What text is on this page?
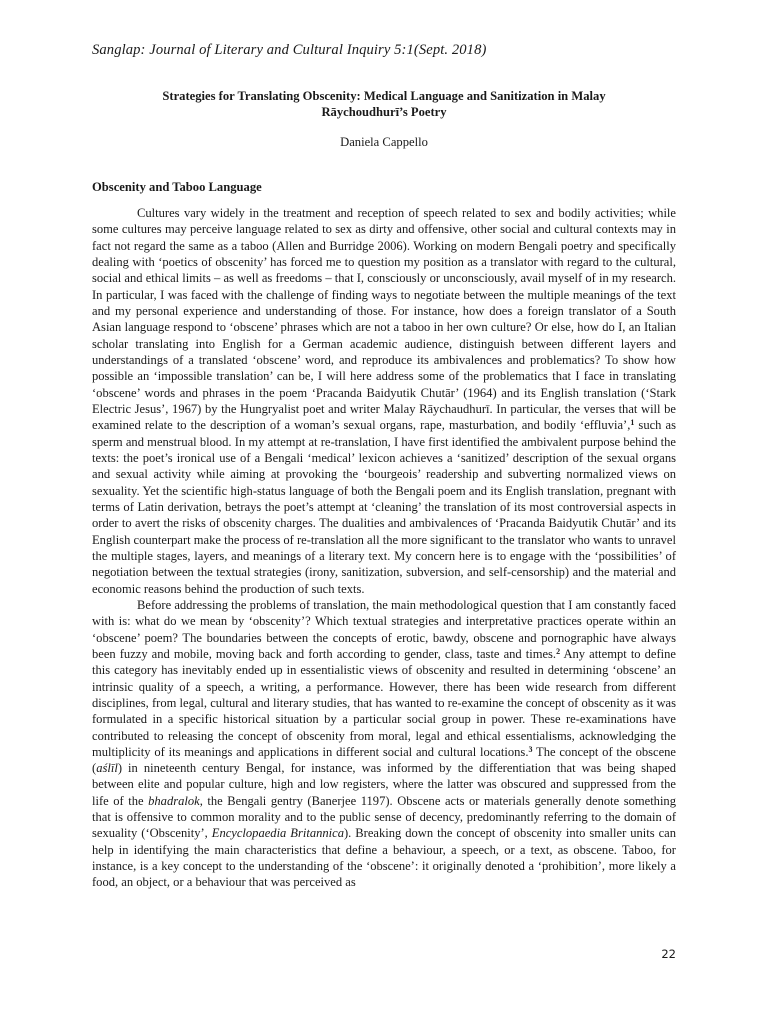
Sanglap: Journal of Literary and Cultural Inquiry 5:1(Sept. 2018)
Strategies for Translating Obscenity: Medical Language and Sanitization in Malay
Rāychoudhurī’s Poetry
Daniela Cappello
Obscenity and Taboo Language

Cultures vary widely in the treatment and reception of speech related to sex and bodily activities; while some cultures may perceive language related to sex as dirty and offensive, other social and cultural contexts may in fact not regard the same as a taboo (Allen and Burridge 2006). Working on modern Bengali poetry and specifically dealing with ‘poetics of obscenity’ has forced me to question my position as a translator with regard to the cultural, social and ethical limits – as well as freedoms – that I, consciously or unconsciously, avail myself of in my research. In particular, I was faced with the challenge of finding ways to negotiate between the multiple meanings of the text and my personal experience and understanding of those. For instance, how does a foreign translator of a South Asian language respond to ‘obscene’ phrases which are not a taboo in her own culture? Or else, how do I, an Italian scholar translating into English for a German academic audience, distinguish between different layers and understandings of a translated ‘obscene’ word, and reproduce its ambivalences and problematics? To show how possible an ‘impossible translation’ can be, I will here address some of the problematics that I face in translating ‘obscene’ words and phrases in the poem ‘Pracanda Baidyutik Chutār’ (1964) and its English translation (‘Stark Electric Jesus’, 1967) by the Hungryalist poet and writer Malay Rāychaudhurī. In particular, the verses that will be examined relate to the description of a woman’s sexual organs, rape, masturbation, and bodily ‘effluvia’,$^1$ such as sperm and menstrual blood. In my attempt at re-translation, I have first identified the ambivalent purpose behind the texts: the poet’s ironical use of a Bengali ‘medical’ lexicon achieves a ‘sanitized’ description of the sexual organs and sexual activity while aiming at provoking the ‘bourgeois’ readership and subverting normalized views on sexuality. Yet the scientific high-status language of both the Bengali poem and its English translation, pregnant with terms of Latin derivation, betrays the poet’s attempt at ‘cleaning’ the translation of its most controversial aspects in order to avert the risks of obscenity charges. The dualities and ambivalences of ‘Pracanda Baidyutik Chutār’ and its English counterpart make the process of re-translation all the more significant to the translator who wants to unravel the multiple stages, layers, and meanings of a literary text. My concern here is to engage with the ‘possibilities’ of negotiation between the textual strategies (irony, sanitization, subversion, and self-censorship) and the material and economic reasons behind the production of such texts.

Before addressing the problems of translation, the main methodological question that I am constantly faced with is: what do we mean by ‘obscenity’? Which textual strategies and interpretative practices operate within an ‘obscene’ poem? The boundaries between the concepts of erotic, bawdy, obscene and pornographic have always been fuzzy and mobile, moving back and forth according to gender, class, taste and times.$^2$ Any attempt to define this category has inevitably ended up in essentialistic views of obscenity and resulted in determining ‘obscene’ an intrinsic quality of a speech, a writing, a performance. However, there has been wide research from different disciplines, from legal, cultural and literary studies, that has wanted to re-examine the concept of obscenity as it was formulated in a specific historical situation by a particular social group in power. These re-examinations have contributed to releasing the concept of obscenity from moral, legal and ethical essentialisms, acknowledging the multiplicity of its meanings and applications in different social and cultural locations.$^3$ The concept of the obscene (aślīl) in nineteenth century Bengal, for instance, was informed by the differentiation that was being shaped between elite and popular culture, high and low registers, where the latter was obscured and suppressed from the life of the bhadralok, the Bengali gentry (Banerjee 1197). Obscene acts or materials generally denote something that is offensive to common morality and to the public sense of decency, predominantly referring to the domain of sexuality (‘Obscenity’, Encyclopaedia Britannica). Breaking down the concept of obscenity into smaller units can help in identifying the main characteristics that define a behaviour, a speech, or a text, as obscene. Taboo, for instance, is a key concept to the understanding of the ‘obscene’: it originally denoted a ‘prohibition’, more likely a food, an object, or a behaviour that was perceived as

22
